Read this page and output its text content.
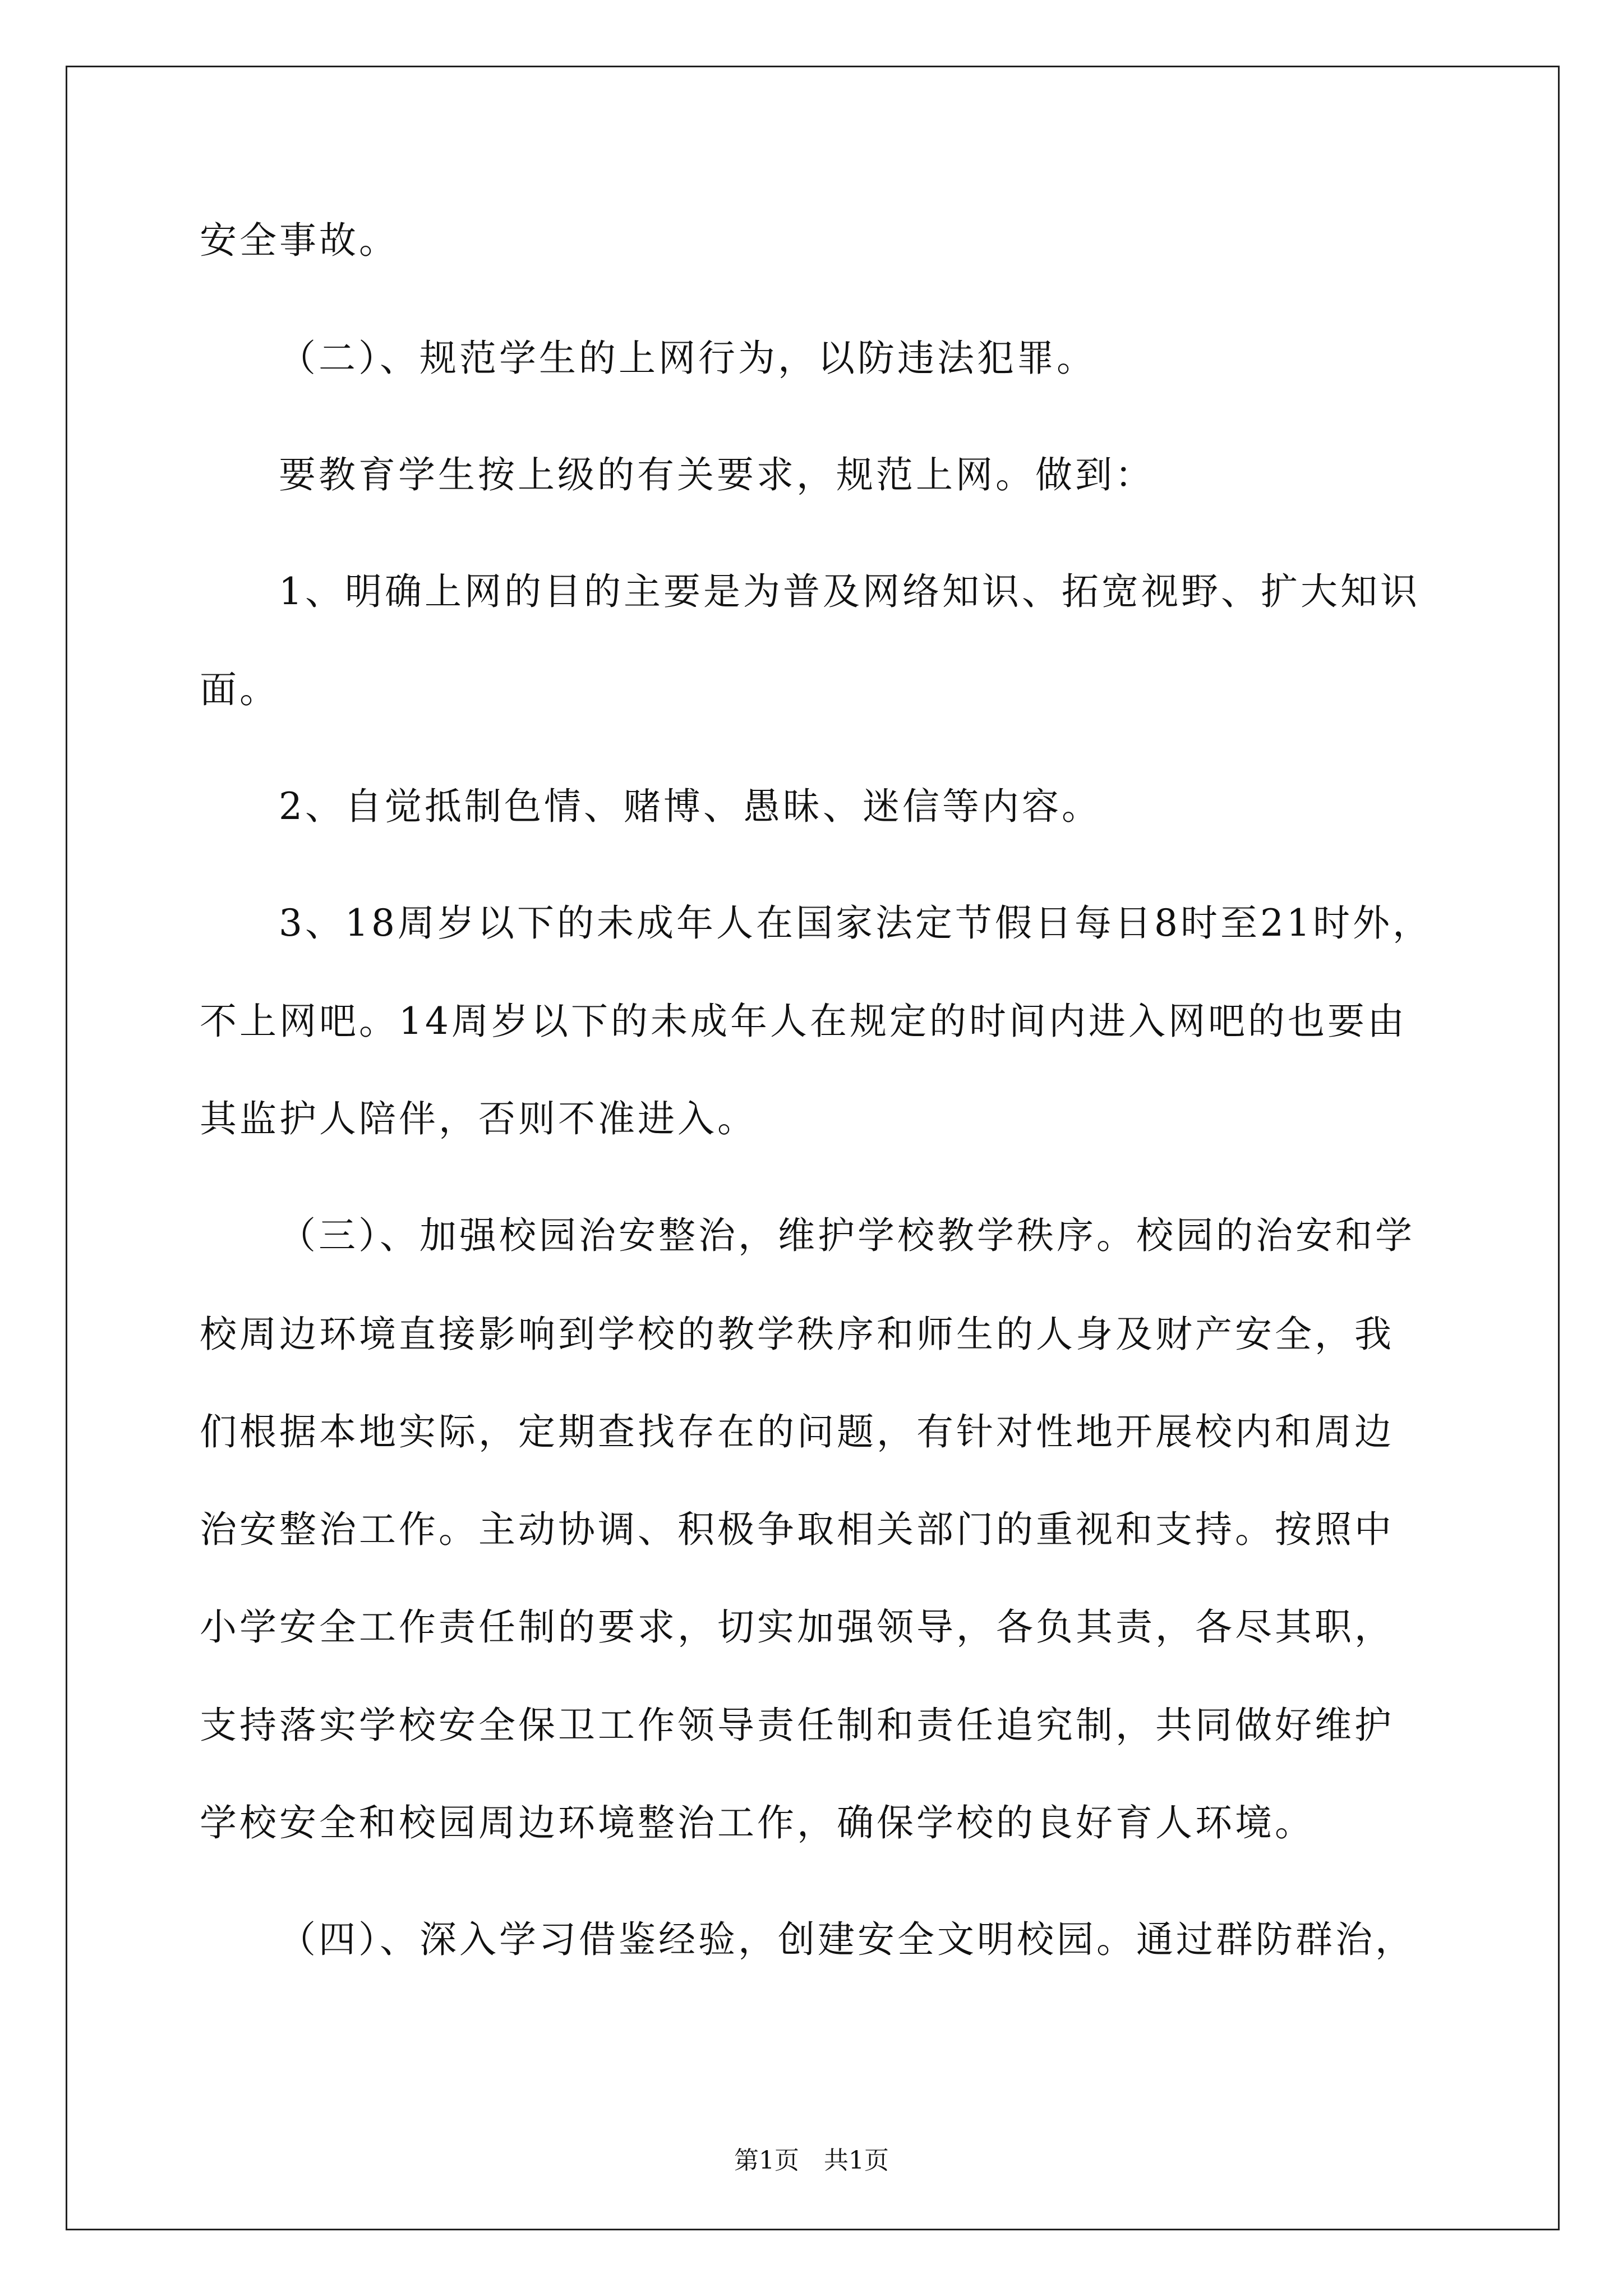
安全事故。
（二）、规范学生的上网行为，以防违法犯罪。
要教育学生按上级的有关要求，规范上网。做到：
1、明确上网的目的主要是为普及网络知识、拓宽视野、扩大知识
面。
2、自觉抵制色情、赌博、愚昧、迷信等内容。
3、18周岁以下的未成年人在国家法定节假日每日8时至21时外，
不上网吧。14周岁以下的未成年人在规定的时间内进入网吧的也要由
其监护人陪伴，否则不准进入。
（三）、加强校园治安整治，维护学校教学秩序。校园的治安和学
校周边环境直接影响到学校的教学秩序和师生的人身及财产安全，我
们根据本地实际，定期查找存在的问题，有针对性地开展校内和周边
治安整治工作。主动协调、积极争取相关部门的重视和支持。按照中
小学安全工作责任制的要求，切实加强领导，各负其责，各尽其职，
支持落实学校安全保卫工作领导责任制和责任追究制，共同做好维护
学校安全和校园周边环境整治工作，确保学校的良好育人环境。
（四）、深入学习借鉴经验，创建安全文明校园。通过群防群治，
第1页　共1页
